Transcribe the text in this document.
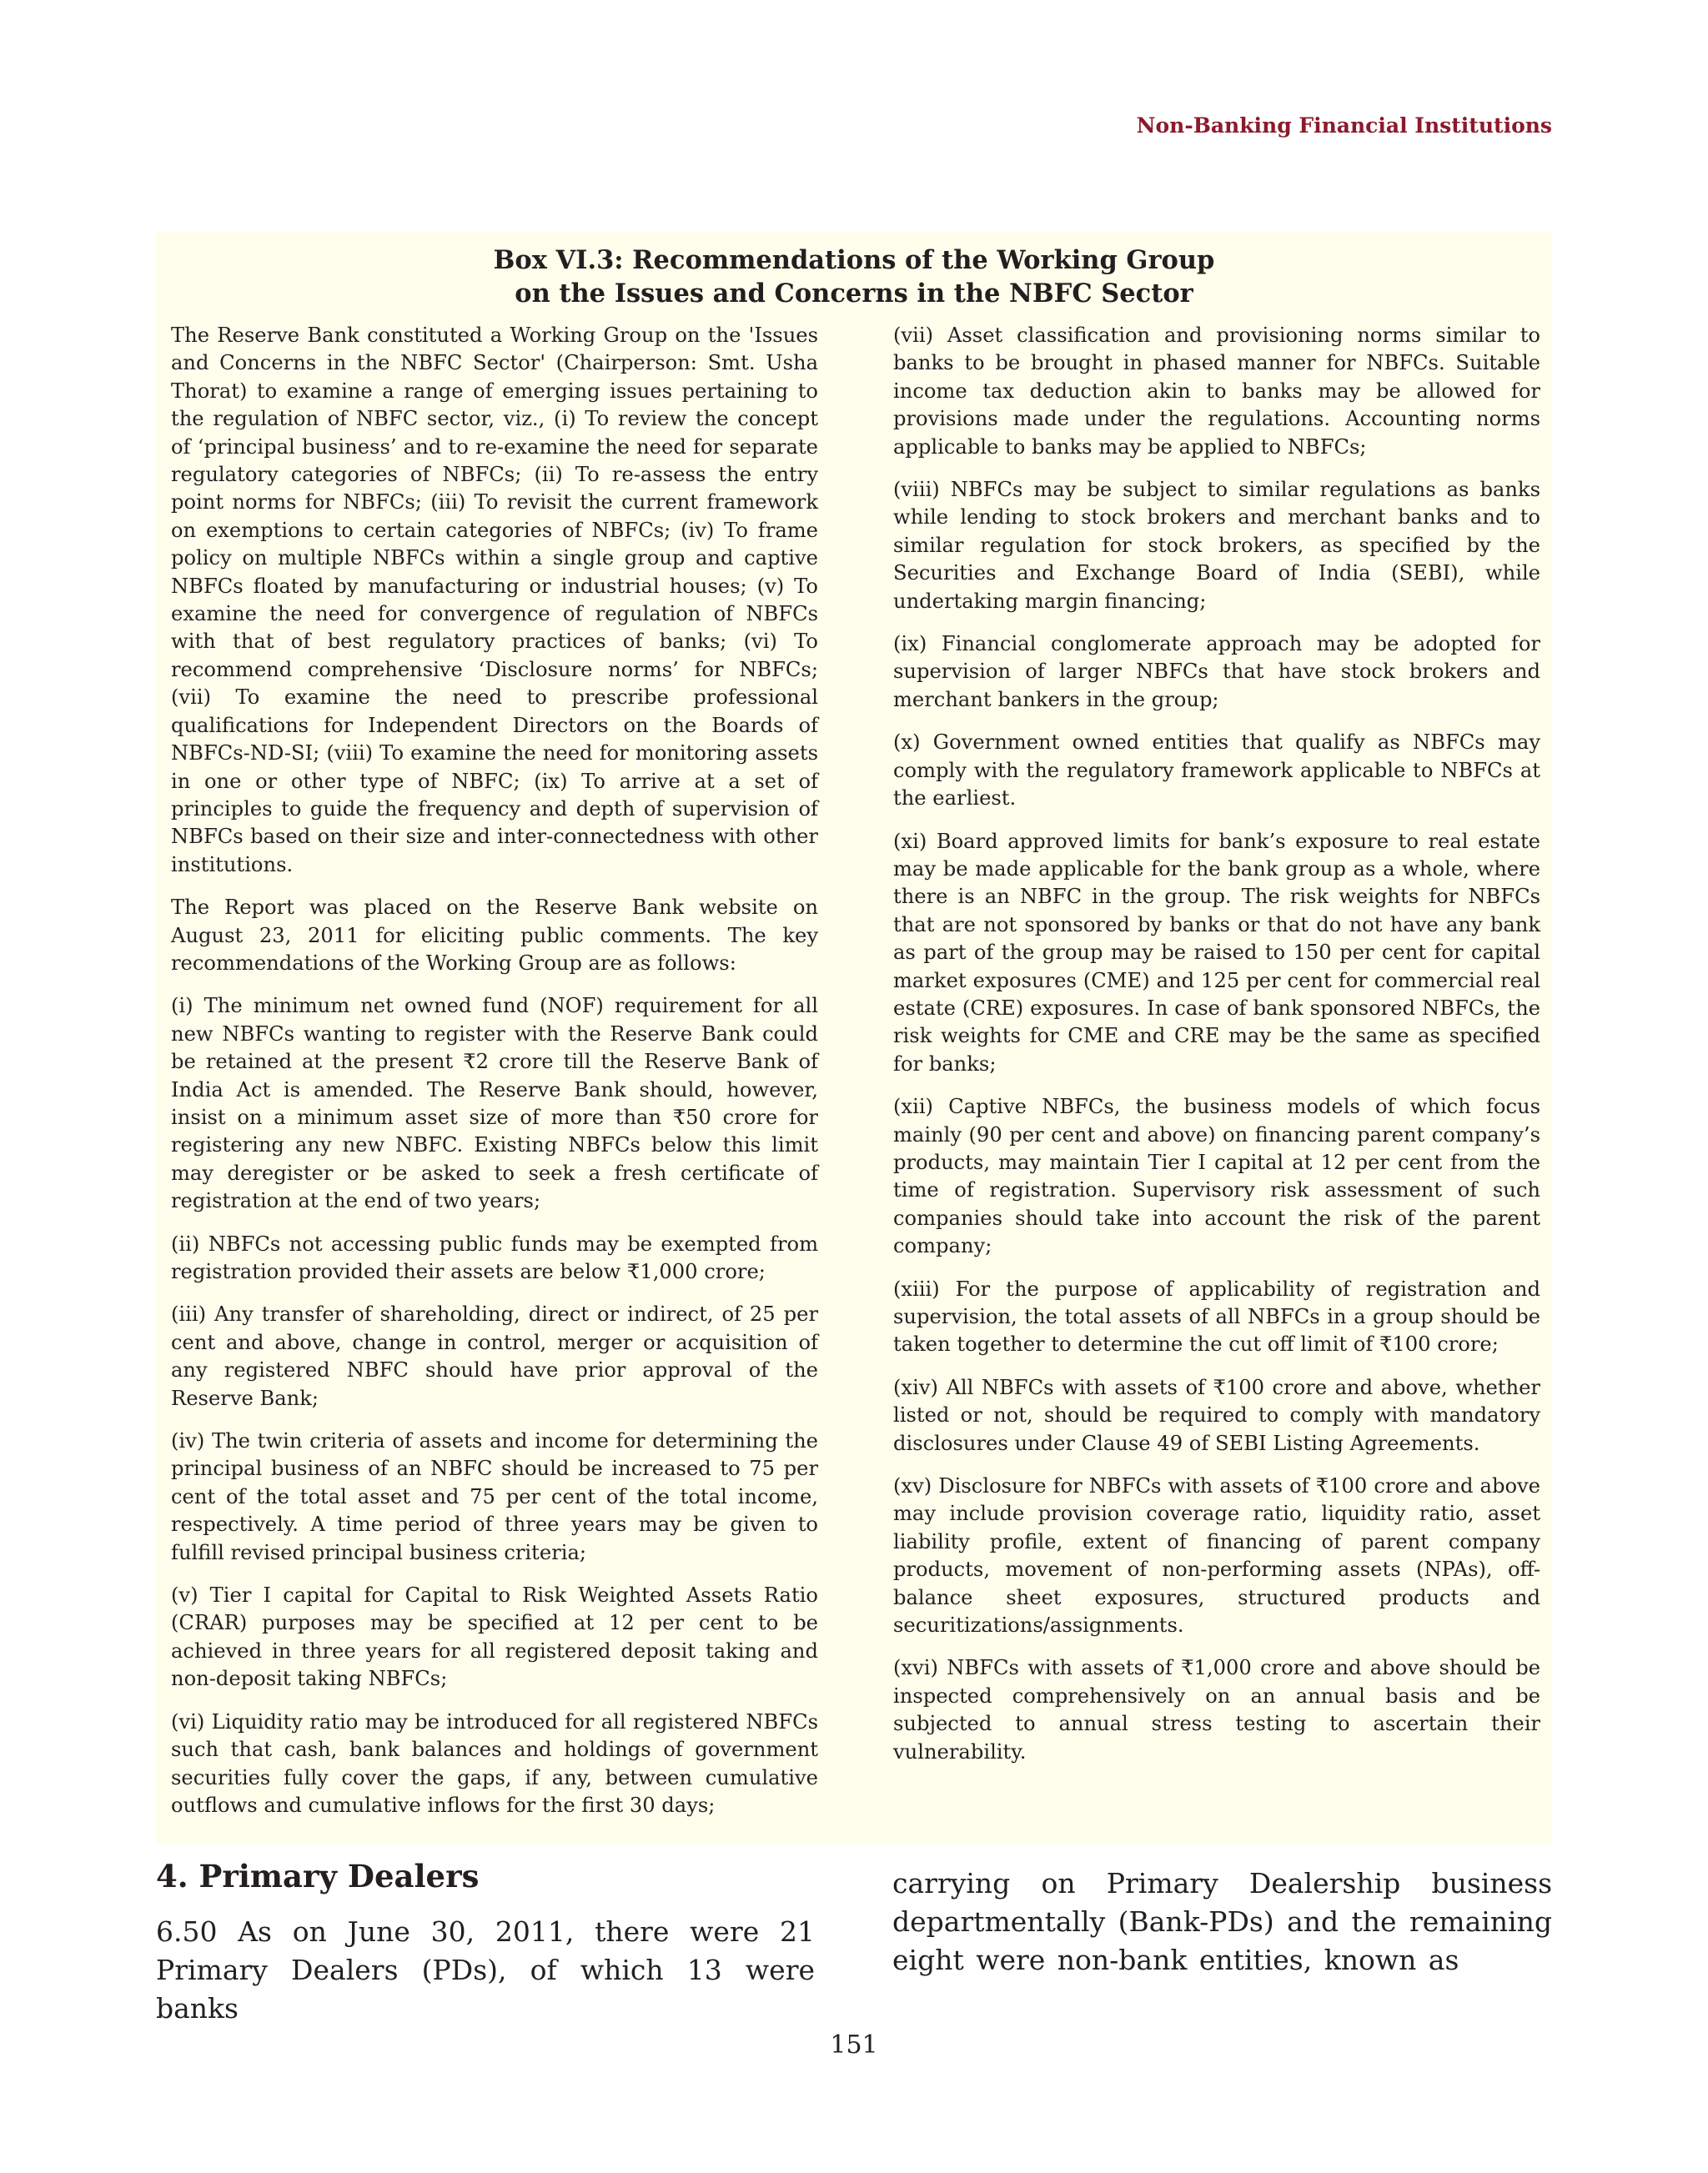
Non-Banking Financial Institutions
Box VI.3: Recommendations of the Working Group
on the Issues and Concerns in the NBFC Sector

The Reserve Bank constituted a Working Group on the 'Issues and Concerns in the NBFC Sector' (Chairperson: Smt. Usha Thorat) to examine a range of emerging issues pertaining to the regulation of NBFC sector, viz., (i) To review the concept of ‘principal business’ and to re-examine the need for separate regulatory categories of NBFCs; (ii) To re-assess the entry point norms for NBFCs; (iii) To revisit the current framework on exemptions to certain categories of NBFCs; (iv) To frame policy on multiple NBFCs within a single group and captive NBFCs floated by manufacturing or industrial houses; (v) To examine the need for convergence of regulation of NBFCs with that of best regulatory practices of banks; (vi) To recommend comprehensive ‘Disclosure norms’ for NBFCs; (vii) To examine the need to prescribe professional qualifications for Independent Directors on the Boards of NBFCs-ND-SI; (viii) To examine the need for monitoring assets in one or other type of NBFC; (ix) To arrive at a set of principles to guide the frequency and depth of supervision of NBFCs based on their size and inter-connectedness with other institutions.

The Report was placed on the Reserve Bank website on August 23, 2011 for eliciting public comments. The key recommendations of the Working Group are as follows:

(i) The minimum net owned fund (NOF) requirement for all new NBFCs wanting to register with the Reserve Bank could be retained at the present ₹2 crore till the Reserve Bank of India Act is amended. The Reserve Bank should, however, insist on a minimum asset size of more than ₹50 crore for registering any new NBFC. Existing NBFCs below this limit may deregister or be asked to seek a fresh certificate of registration at the end of two years;

(ii) NBFCs not accessing public funds may be exempted from registration provided their assets are below ₹1,000 crore;

(iii) Any transfer of shareholding, direct or indirect, of 25 per cent and above, change in control, merger or acquisition of any registered NBFC should have prior approval of the Reserve Bank;

(iv) The twin criteria of assets and income for determining the principal business of an NBFC should be increased to 75 per cent of the total asset and 75 per cent of the total income, respectively. A time period of three years may be given to fulfill revised principal business criteria;

(v) Tier I capital for Capital to Risk Weighted Assets Ratio (CRAR) purposes may be specified at 12 per cent to be achieved in three years for all registered deposit taking and non-deposit taking NBFCs;

(vi) Liquidity ratio may be introduced for all registered NBFCs such that cash, bank balances and holdings of government securities fully cover the gaps, if any, between cumulative outflows and cumulative inflows for the first 30 days;

(vii) Asset classification and provisioning norms similar to banks to be brought in phased manner for NBFCs. Suitable income tax deduction akin to banks may be allowed for provisions made under the regulations. Accounting norms applicable to banks may be applied to NBFCs;

(viii) NBFCs may be subject to similar regulations as banks while lending to stock brokers and merchant banks and to similar regulation for stock brokers, as specified by the Securities and Exchange Board of India (SEBI), while undertaking margin financing;

(ix) Financial conglomerate approach may be adopted for supervision of larger NBFCs that have stock brokers and merchant bankers in the group;

(x) Government owned entities that qualify as NBFCs may comply with the regulatory framework applicable to NBFCs at the earliest.

(xi) Board approved limits for bank’s exposure to real estate may be made applicable for the bank group as a whole, where there is an NBFC in the group. The risk weights for NBFCs that are not sponsored by banks or that do not have any bank as part of the group may be raised to 150 per cent for capital market exposures (CME) and 125 per cent for commercial real estate (CRE) exposures. In case of bank sponsored NBFCs, the risk weights for CME and CRE may be the same as specified for banks;

(xii) Captive NBFCs, the business models of which focus mainly (90 per cent and above) on financing parent company’s products, may maintain Tier I capital at 12 per cent from the time of registration. Supervisory risk assessment of such companies should take into account the risk of the parent company;

(xiii) For the purpose of applicability of registration and supervision, the total assets of all NBFCs in a group should be taken together to determine the cut off limit of ₹100 crore;

(xiv) All NBFCs with assets of ₹100 crore and above, whether listed or not, should be required to comply with mandatory disclosures under Clause 49 of SEBI Listing Agreements.

(xv) Disclosure for NBFCs with assets of ₹100 crore and above may include provision coverage ratio, liquidity ratio, asset liability profile, extent of financing of parent company products, movement of non-performing assets (NPAs), off-balance sheet exposures, structured products and securitizations/assignments.

(xvi) NBFCs with assets of ₹1,000 crore and above should be inspected comprehensively on an annual basis and be subjected to annual stress testing to ascertain their vulnerability.

4. Primary Dealers
6.50 As on June 30, 2011, there were 21 Primary Dealers (PDs), of which 13 were banks
carrying on Primary Dealership business departmentally (Bank-PDs) and the remaining eight were non-bank entities, known as
151
